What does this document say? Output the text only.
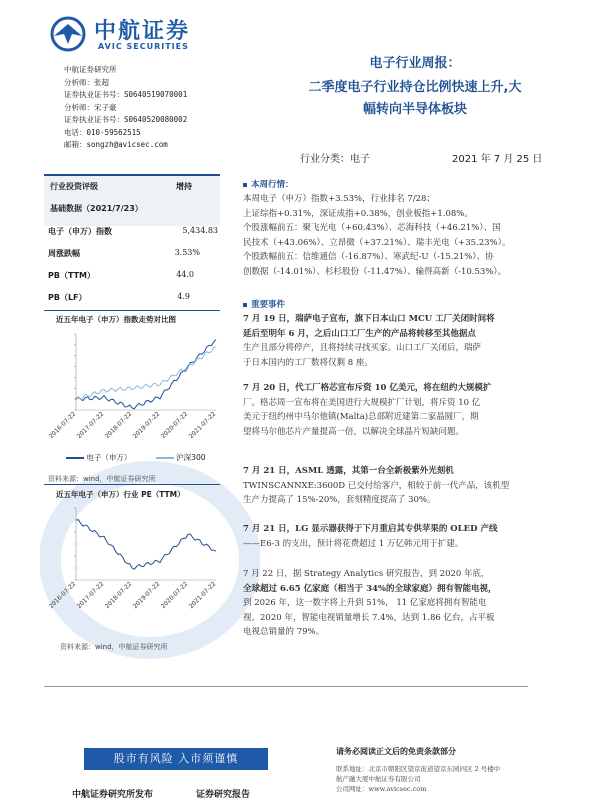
中航证券
AVIC SECURITIES
中航证券研究所
分析师：张超
证券执业证书号：S0640519070001
分析师：宋子豪
证券执业证书号：S0640520080002
电话：010-59562515
邮箱：songzh@avicsec.com
电子行业周报：
二季度电子行业持仓比例快速上升,大
幅转向半导体板块
行业分类：电子	2021 年 7 月 25 日
行业投资评级	增持
基础数据（2021/7/23）
电子（申万）指数	5,434.83
周涨跌幅	3.53%
PB（TTM）	44.0
PB（LF）	4.9
近五年电子（申万）指数走势对比图
2016-07-22
2017-07-22
2018-07-22
2019-07-22
2020-07-22
2021-07-22
电子（申万）	沪深300
资料来源：wind，中航证券研究所
近五年电子（申万）行业 PE（TTM）
2016-07-22
2017-07-22
2018-07-22
2019-07-22
2020-07-22
2021-07-22
资料来源：wind，中航证券研究所
本周行情：
本周电子（申万）指数+3.53%，行业排名 7/28；
上证综指+0.31%，深证成指+0.38%，创业板指+1.08%。
个股涨幅前五：聚飞光电（+60.43%）、芯海科技（+46.21%）、国
民技术（+43.06%）、立昂微（+37.21%）、瑞丰光电（+35.23%）。
个股跌幅前五：信维通信（-16.87%）、寒武纪-U（-15.21%）、协
创数据（-14.01%）、杉杉股份（-11.47%）、输得高新（-10.53%）。
重要事件
7 月 19 日，瑞萨电子宣布，旗下日本山口 MCU 工厂关闭时间将
延后至明年 6 月，之后山口工厂生产的产品将转移至其他据点
生产且部分将停产，且将持续寻找买家。山口工厂关闭后，瑞萨
于日本国内的工厂数将仅剩 8 座。
7 月 20 日，代工厂格芯宣布斥资 10 亿美元，将在纽约大规模扩
厂。格芯周一宣布将在美国进行大规模扩厂计划，将斥资 10 亿
美元于纽约州中马尔他镇(Malta)总部附近建第二家晶圆厂，期
望将马尔他芯片产量提高一倍，以解决全球晶片短缺问题。
7 月 21 日，ASML 透露，其第一台全新极紫外光刻机
TWINSCANNXE:3600D 已交付给客户，相较于前一代产品，该机型
生产力提高了 15%-20%，套刻精度提高了 30%。
7 月 21 日，LG 显示器获得于下月重启其专供苹果的 OLED 产线
——E6-3 的支出，预计将花费超过 1 万亿韩元用于扩建。
7 月 22 日，据 Strategy Analytics 研究报告，到 2020 年底，
全球超过 6.65 亿家庭（相当于 34%的全球家庭）拥有智能电视，
到 2026 年，这一数字将上升到 51%， 11 亿家庭将拥有智能电
视。2020 年，智能电视销量增长 7.4%，达到 1.86 亿台，占平板
电视总销量的 79%。
股市有风险 入市须谨慎
请务必阅读正文后的免责条款部分
联系地址：北京市朝阳区望京街道望京东园四区 2 号楼中
航产融大厦中航证券有限公司
公司网址：www.avicsec.com
中航证券研究所发布	证券研究报告
